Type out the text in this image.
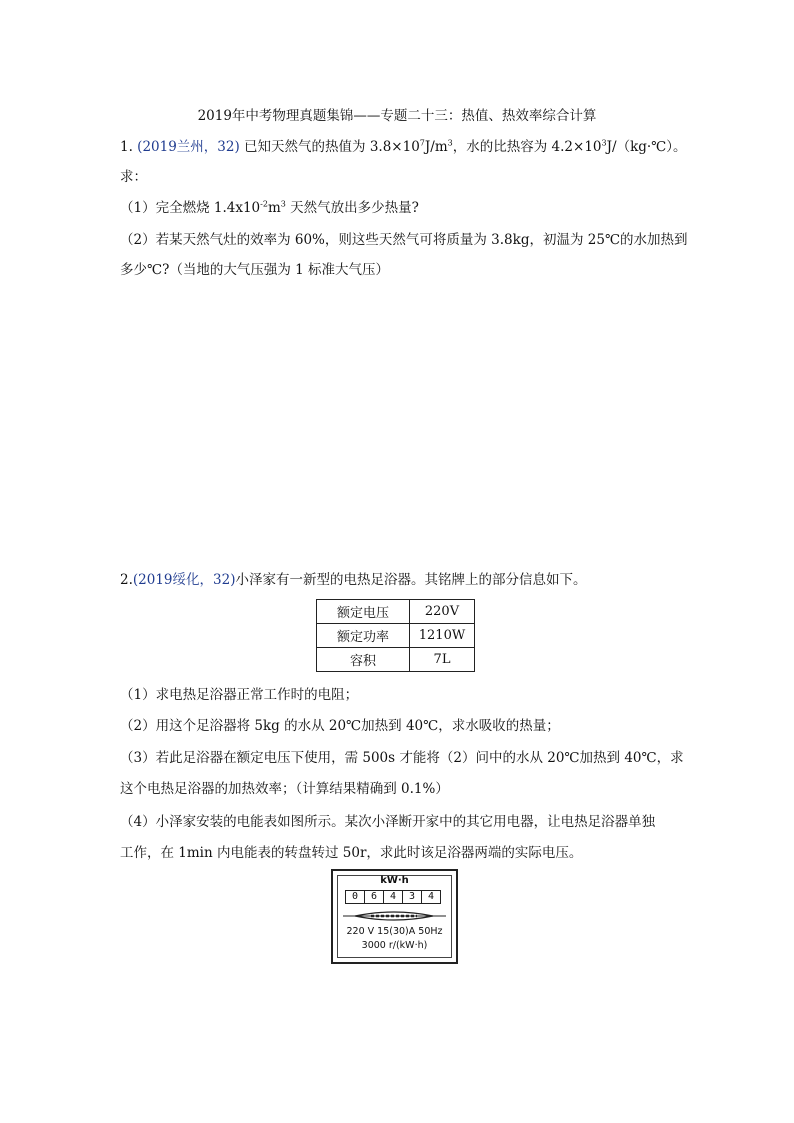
2019年中考物理真题集锦——专题二十三：热值、热效率综合计算
1. (2019兰州，32) 已知天然气的热值为 $3.8\times 10^7J/m^3$，水的比热容为 $4.2\times 10^3J/(kg\cdot℃)$。
求：
（1）完全燃烧 $1.4x10^{-2}m^3$ 天然气放出多少热量?
（2）若某天然气灶的效率为 60%，则这些天然气可将质量为 3.8kg，初温为 25℃的水加热到
多少℃?（当地的大气压强为 1 标准大气压）
2.(2019绥化，32)小泽家有一新型的电热足浴器。其铭牌上的部分信息如下。
额定电压	220V
额定功率	1210W
容积	7L
（1）求电热足浴器正常工作时的电阻；
（2）用这个足浴器将 5kg 的水从 20℃加热到 40℃，求水吸收的热量；
（3）若此足浴器在额定电压下使用，需 500s 才能将（2）问中的水从 20℃加热到 40℃，求
这个电热足浴器的加热效率；（计算结果精确到 0.1%）
（4）小泽家安装的电能表如图所示。某次小泽断开家中的其它用电器，让电热足浴器单独
工作，在 1min 内电能表的转盘转过 50r，求此时该足浴器两端的实际电压。
kW·h
0	6	4	3	4
220 V 15(30)A 50Hz
3000 r/(kW·h)
